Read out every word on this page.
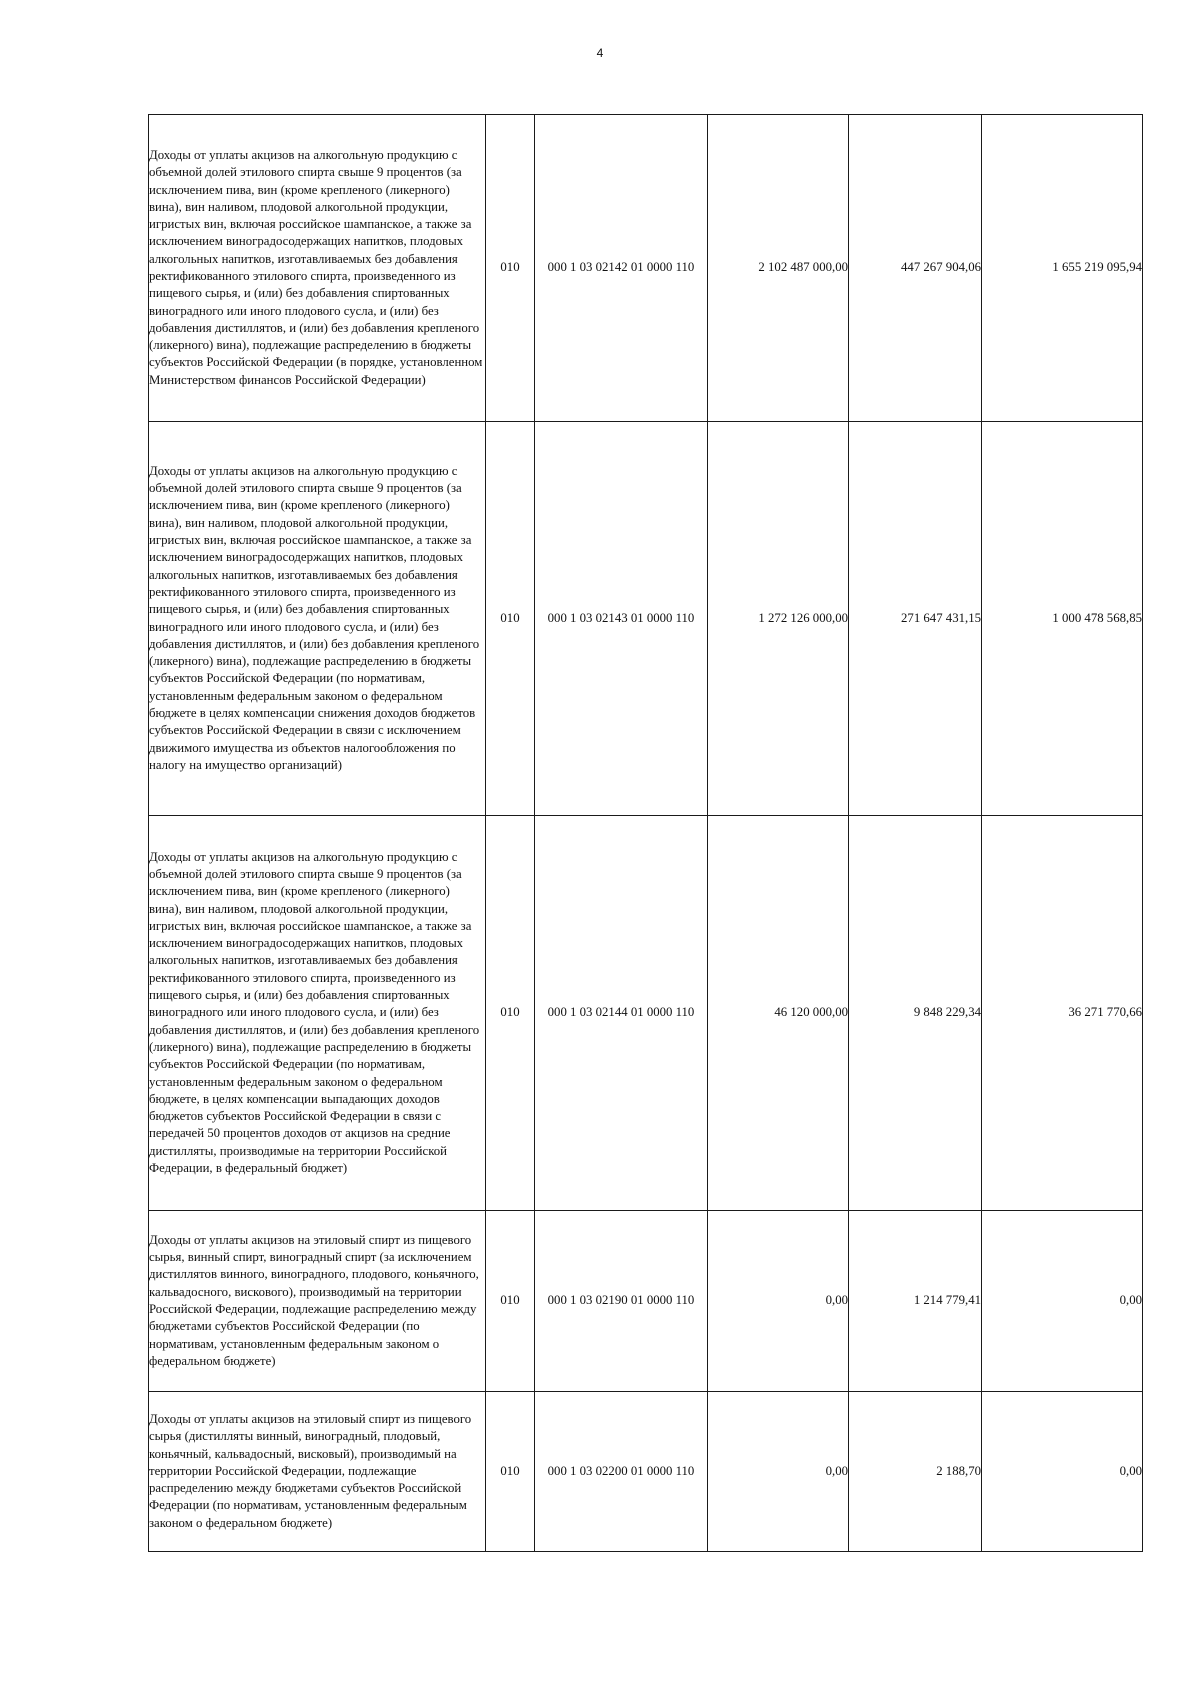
4
Доходы от уплаты акцизов на алкогольную продукцию с объемной долей этилового спирта свыше 9 процентов (за исключением пива, вин (кроме крепленого (ликерного) вина), вин наливом, плодовой алкогольной продукции, игристых вин, включая российское шампанское, а также за исключением виноградосодержащих напитков, плодовых алкогольных напитков, изготавливаемых без добавления ректификованного этилового спирта, произведенного из пищевого сырья, и (или) без добавления спиртованных виноградного или иного плодового сусла, и (или) без добавления дистиллятов, и (или) без добавления крепленого (ликерного) вина), подлежащие распределению в бюджеты субъектов Российской Федерации (в порядке, установленном Министерством финансов Российской Федерации)	010	000 1 03 02142 01 0000 110	2 102 487 000,00	447 267 904,06	1 655 219 095,94
Доходы от уплаты акцизов на алкогольную продукцию с объемной долей этилового спирта свыше 9 процентов (за исключением пива, вин (кроме крепленого (ликерного) вина), вин наливом, плодовой алкогольной продукции, игристых вин, включая российское шампанское, а также за исключением виноградосодержащих напитков, плодовых алкогольных напитков, изготавливаемых без добавления ректификованного этилового спирта, произведенного из пищевого сырья, и (или) без добавления спиртованных виноградного или иного плодового сусла, и (или) без добавления дистиллятов, и (или) без добавления крепленого (ликерного) вина), подлежащие распределению в бюджеты субъектов Российской Федерации (по нормативам, установленным федеральным законом о федеральном бюджете в целях компенсации снижения доходов бюджетов субъектов Российской Федерации в связи с исключением движимого имущества из объектов налогообложения по налогу на имущество организаций)	010	000 1 03 02143 01 0000 110	1 272 126 000,00	271 647 431,15	1 000 478 568,85
Доходы от уплаты акцизов на алкогольную продукцию с объемной долей этилового спирта свыше 9 процентов (за исключением пива, вин (кроме крепленого (ликерного) вина), вин наливом, плодовой алкогольной продукции, игристых вин, включая российское шампанское, а также за исключением виноградосодержащих напитков, плодовых алкогольных напитков, изготавливаемых без добавления ректификованного этилового спирта, произведенного из пищевого сырья, и (или) без добавления спиртованных виноградного или иного плодового сусла, и (или) без добавления дистиллятов, и (или) без добавления крепленого (ликерного) вина), подлежащие распределению в бюджеты субъектов Российской Федерации (по нормативам, установленным федеральным законом о федеральном бюджете, в целях компенсации выпадающих доходов бюджетов субъектов Российской Федерации в связи с передачей 50 процентов доходов от акцизов на средние дистилляты, производимые на территории Российской Федерации, в федеральный бюджет)	010	000 1 03 02144 01 0000 110	46 120 000,00	9 848 229,34	36 271 770,66
Доходы от уплаты акцизов на этиловый спирт из пищевого сырья, винный спирт, виноградный спирт (за исключением дистиллятов винного, виноградного, плодового, коньячного, кальвадосного, вискового), производимый на территории Российской Федерации, подлежащие распределению между бюджетами субъектов Российской Федерации (по нормативам, установленным федеральным законом о федеральном бюджете)	010	000 1 03 02190 01 0000 110	0,00	1 214 779,41	0,00
Доходы от уплаты акцизов на этиловый спирт из пищевого сырья (дистилляты винный, виноградный, плодовый, коньячный, кальвадосный, висковый), производимый на территории Российской Федерации, подлежащие распределению между бюджетами субъектов Российской Федерации (по нормативам, установленным федеральным законом о федеральном бюджете)	010	000 1 03 02200 01 0000 110	0,00	2 188,70	0,00
